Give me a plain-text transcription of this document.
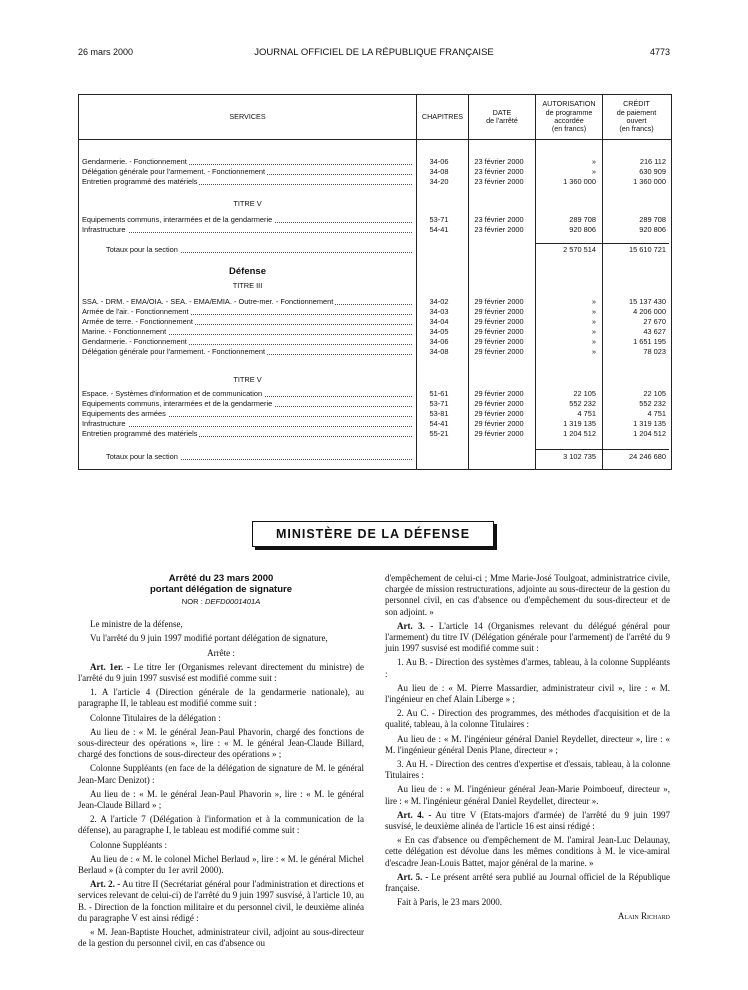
26 mars 2000	JOURNAL OFFICIEL DE LA RÉPUBLIQUE FRANÇAISE	4773
SERVICES	CHAPITRES	DATE
de l'arrêté
AUTORISATION
de programme
accordée
(en francs)
CRÉDIT
de paiement
ouvert
(en francs)
TITRE V
Défense
TITRE III
TITRE V
Gendarmerie. - Fonctionnement	34-06	23 février 2000	»	216 112
Délégation générale pour l'armement. - Fonctionnement	34-08	23 février 2000	»	630 909
Entretien programmé des matériels	34-20	23 février 2000	1 360 000	1 360 000
Equipements communs, interarmées et de la gendarmerie	53-71	23 février 2000	289 708	289 708
Infrastructure	54-41	23 février 2000	920 806	920 806
SSA. - DRM. - EMA/OIA. - SEA. - EMA/EMIA. - Outre-mer. - Fonctionnement	34-02	29 février 2000	»	15 137 430
Armée de l'air. - Fonctionnement	34-03	29 février 2000	»	4 206 000
Armée de terre. - Fonctionnement	34-04	29 février 2000	»	27 670
Marine. - Fonctionnement	34-05	29 février 2000	»	43 627
Gendarmerie. - Fonctionnement	34-06	29 février 2000	»	1 651 195
Délégation générale pour l'armement. - Fonctionnement	34-08	29 février 2000	»	78 023
Espace. - Systèmes d'information et de communication	51-61	29 février 2000	22 105	22 105
Equipements communs, interarmées et de la gendarmerie	53-71	29 février 2000	552 232	552 232
Equipements des armées	53-81	29 février 2000	4 751	4 751
Infrastructure	54-41	29 février 2000	1 319 135	1 319 135
Entretien programmé des matériels	55-21	29 février 2000	1 204 512	1 204 512
Totaux pour la section	2 570 514	15 610 721
Totaux pour la section	3 102 735	24 246 680
MINISTÈRE DE LA DÉFENSE
Arrêté du 23 mars 2000
portant délégation de signature
NOR : DEFD0001401A

Le ministre de la défense,

Vu l'arrêté du 9 juin 1997 modifié portant délégation de signature,

Arrête :

Art. 1er. - Le titre Ier (Organismes relevant directement du ministre) de l'arrêté du 9 juin 1997 susvisé est modifié comme suit :

1. A l'article 4 (Direction générale de la gendarmerie nationale), au paragraphe II, le tableau est modifié comme suit :

Colonne Titulaires de la délégation :

Au lieu de : « M. le général Jean-Paul Phavorin, chargé des fonctions de sous-directeur des opérations », lire : « M. le général Jean-Claude Billard, chargé des fonctions de sous-directeur des opérations » ;

Colonne Suppléants (en face de la délégation de signature de M. le général Jean-Marc Denizot) :

Au lieu de : « M. le général Jean-Paul Phavorin », lire : « M. le général Jean-Claude Billard » ;

2. A l'article 7 (Délégation à l'information et à la communication de la défense), au paragraphe I, le tableau est modifié comme suit :

Colonne Suppléants :

Au lieu de : « M. le colonel Michel Berlaud », lire : « M. le général Michel Berlaud » (à compter du 1er avril 2000).

Art. 2. - Au titre II (Secrétariat général pour l'administration et directions et services relevant de celui-ci) de l'arrêté du 9 juin 1997 susvisé, à l'article 10, au B. - Direction de la fonction militaire et du personnel civil, le deuxième alinéa du paragraphe V est ainsi rédigé :

« M. Jean-Baptiste Houchet, administrateur civil, adjoint au sous-directeur de la gestion du personnel civil, en cas d'absence ou

d'empêchement de celui-ci ; Mme Marie-José Toulgoat, administratrice civile, chargée de mission restructurations, adjointe au sous-directeur de la gestion du personnel civil, en cas d'absence ou d'empêchement du sous-directeur et de son adjoint. »

Art. 3. - L'article 14 (Organismes relevant du délégué général pour l'armement) du titre IV (Délégation générale pour l'armement) de l'arrêté du 9 juin 1997 susvisé est modifié comme suit :

1. Au B. - Direction des systèmes d'armes, tableau, à la colonne Suppléants :

Au lieu de : « M. Pierre Massardier, administrateur civil », lire : « M. l'ingénieur en chef Alain Liberge » ;

2. Au C. - Direction des programmes, des méthodes d'acquisition et de la qualité, tableau, à la colonne Titulaires :

Au lieu de : « M. l'ingénieur général Daniel Reydellet, directeur », lire : « M. l'ingénieur général Denis Plane, directeur » ;

3. Au H. - Direction des centres d'expertise et d'essais, tableau, à la colonne Titulaires :

Au lieu de : « M. l'ingénieur général Jean-Marie Poimboeuf, directeur », lire : « M. l'ingénieur général Daniel Reydellet, directeur ».

Art. 4. - Au titre V (Etats-majors d'armée) de l'arrêté du 9 juin 1997 susvisé, le deuxième alinéa de l'article 16 est ainsi rédigé :

« En cas d'absence ou d'empêchement de M. l'amiral Jean-Luc Delaunay, cette délégation est dévolue dans les mêmes conditions à M. le vice-amiral d'escadre Jean-Louis Battet, major général de la marine. »

Art. 5. - Le présent arrêté sera publié au Journal officiel de la République française.

Fait à Paris, le 23 mars 2000.

Alain Richard
